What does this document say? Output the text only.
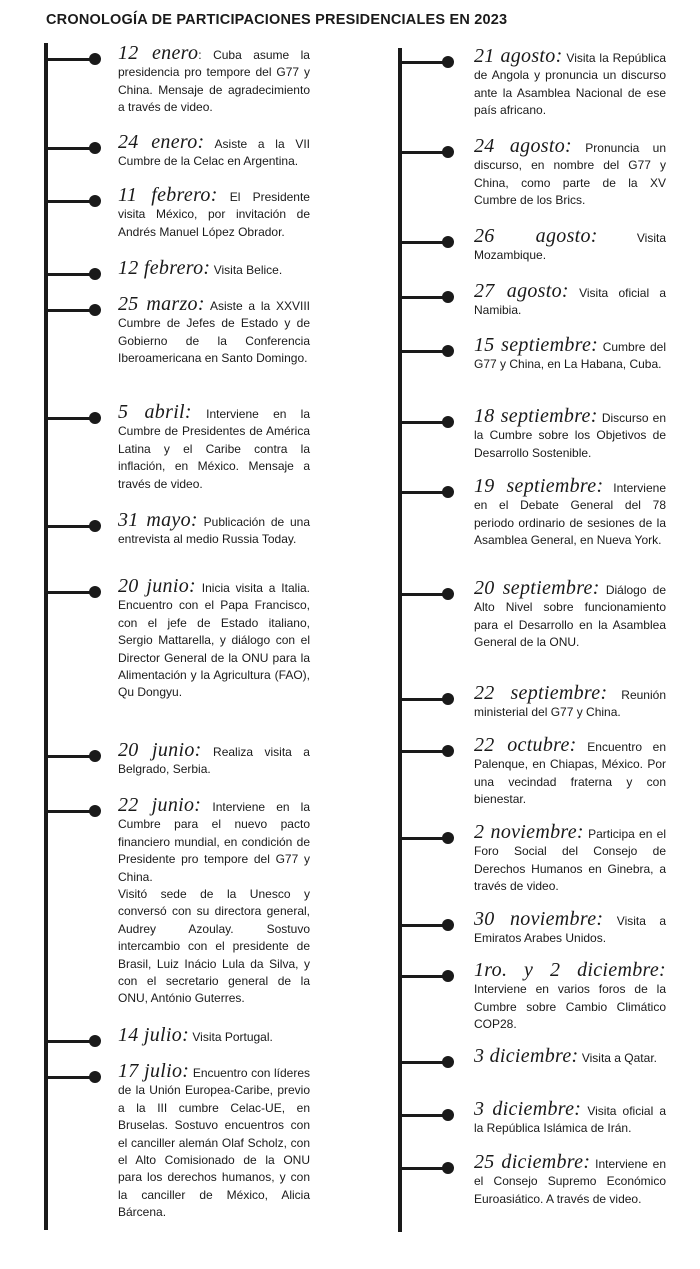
CRONOLOGÍA DE PARTICIPACIONES PRESIDENCIALES EN 2023

12 enero: Cuba asume la presidencia pro tempore del G77 y China. Mensaje de agradecimiento a través de video.

24 enero: Asiste a la VII Cumbre de la Celac en Argentina.

11 febrero: El Presidente visita México, por invitación de Andrés Manuel López Obrador.

12 febrero: Visita Belice.

25 marzo: Asiste a la XXVIII Cumbre de Jefes de Estado y de Gobierno de la Conferencia Iberoamericana en Santo Domingo.

5 abril: Interviene en la Cumbre de Presidentes de América Latina y el Caribe contra la inflación, en México. Mensaje a través de video.

31 mayo: Publicación de una entrevista al medio Russia Today.

20 junio: Inicia visita a Italia. Encuentro con el Papa Francisco, con el jefe de Estado italiano, Sergio Mattarella, y diálogo con el Director General de la ONU para la Alimentación y la Agricultura (FAO), Qu Dongyu.

20 junio: Realiza visita a Belgrado, Serbia.

22 junio: Interviene en la Cumbre para el nuevo pacto financiero mundial, en condición de Presidente pro tempore del G77 y China.

Visitó sede de la Unesco y conversó con su directora general, Audrey Azoulay. Sostuvo intercambio con el presidente de Brasil, Luiz Inácio Lula da Silva, y con el secretario general de la ONU, António Guterres.

14 julio: Visita Portugal.

17 julio: Encuentro con líderes de la Unión Europea-Caribe, previo a la III cumbre Celac-UE, en Bruselas. Sostuvo encuentros con el canciller alemán Olaf Scholz, con el Alto Comisionado de la ONU para los derechos humanos, y con la canciller de México, Alicia Bárcena.

21 agosto: Visita la República de Angola y pronuncia un discurso ante la Asamblea Nacional de ese país africano.

24 agosto: Pronuncia un discurso, en nombre del G77 y China, como parte de la XV Cumbre de los Brics.

26 agosto: Visita Mozambique.

27 agosto: Visita oficial a Namibia.

15 septiembre: Cumbre del G77 y China, en La Habana, Cuba.

18 septiembre: Discurso en la Cumbre sobre los Objetivos de Desarrollo Sostenible.

19 septiembre: Interviene en el Debate General del 78 periodo ordinario de sesiones de la Asamblea General, en Nueva York.

20 septiembre: Diálogo de Alto Nivel sobre funcionamiento para el Desarrollo en la Asamblea General de la ONU.

22 septiembre: Reunión ministerial del G77 y China.

22 octubre: Encuentro en Palenque, en Chiapas, México. Por una vecindad fraterna y con bienestar.

2 noviembre: Participa en el Foro Social del Consejo de Derechos Humanos en Ginebra, a través de video.

30 noviembre: Visita a Emiratos Arabes Unidos.

1ro. y 2 diciembre: Interviene en varios foros de la Cumbre sobre Cambio Climático COP28.

3 diciembre: Visita a Qatar.

3 diciembre: Visita oficial a la República Islámica de Irán.

25 diciembre: Interviene en el Consejo Supremo Económico Euroasiático. A través de video.
